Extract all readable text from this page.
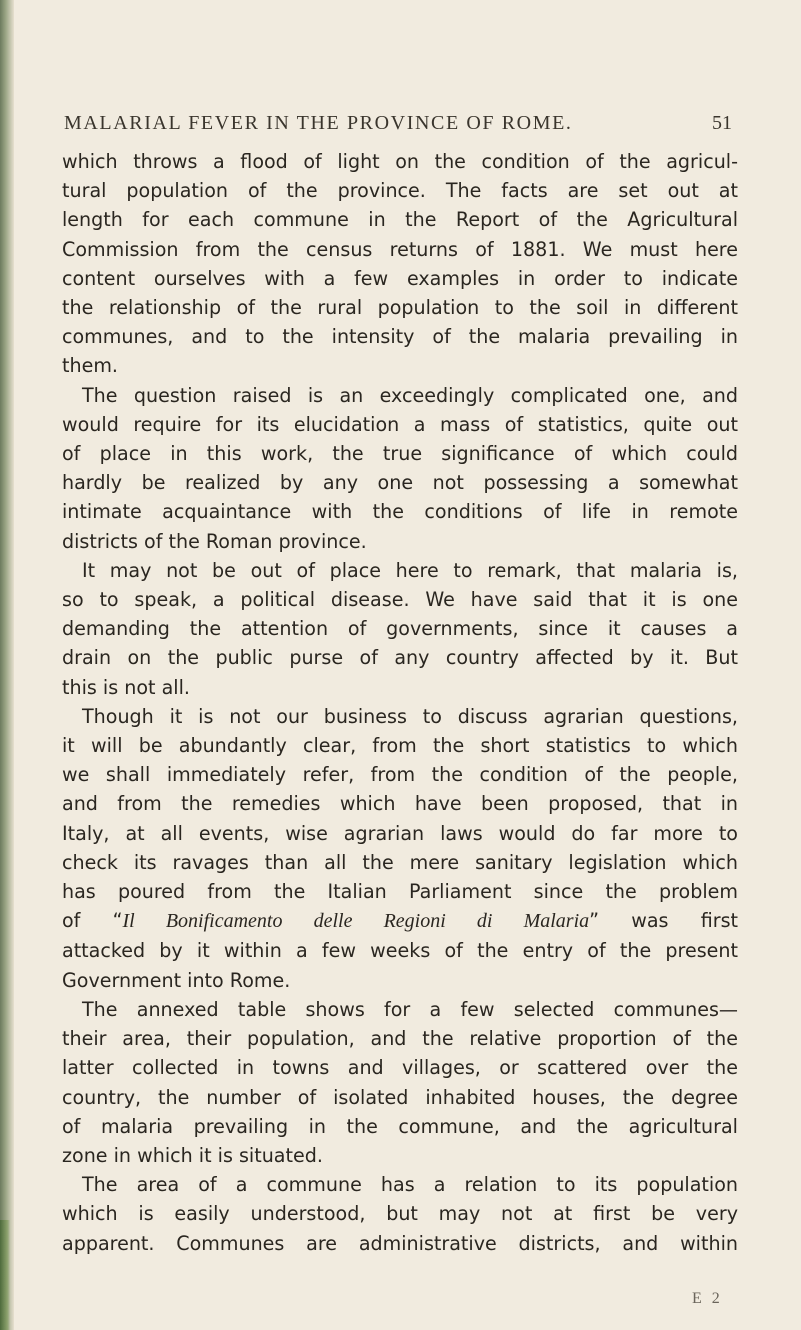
MALARIAL FEVER IN THE PROVINCE OF ROME.	51
which throws a flood of light on the condition of the agricul-
tural population of the province. The facts are set out at
length for each commune in the Report of the Agricultural
Commission from the census returns of 1881. We must here
content ourselves with a few examples in order to indicate
the relationship of the rural population to the soil in different
communes, and to the intensity of the malaria prevailing in
them.
The question raised is an exceedingly complicated one, and
would require for its elucidation a mass of statistics, quite out
of place in this work, the true significance of which could
hardly be realized by any one not possessing a somewhat
intimate acquaintance with the conditions of life in remote
districts of the Roman province.
It may not be out of place here to remark, that malaria is,
so to speak, a political disease. We have said that it is one
demanding the attention of governments, since it causes a
drain on the public purse of any country affected by it. But
this is not all.
Though it is not our business to discuss agrarian questions,
it will be abundantly clear, from the short statistics to which
we shall immediately refer, from the condition of the people,
and from the remedies which have been proposed, that in
Italy, at all events, wise agrarian laws would do far more to
check its ravages than all the mere sanitary legislation which
has poured from the Italian Parliament since the problem
of “Il Bonificamento delle Regioni di Malaria” was first
attacked by it within a few weeks of the entry of the present
Government into Rome.
The annexed table shows for a few selected communes—
their area, their population, and the relative proportion of the
latter collected in towns and villages, or scattered over the
country, the number of isolated inhabited houses, the degree
of malaria prevailing in the commune, and the agricultural
zone in which it is situated.
The area of a commune has a relation to its population
which is easily understood, but may not at first be very
apparent. Communes are administrative districts, and within
E 2
